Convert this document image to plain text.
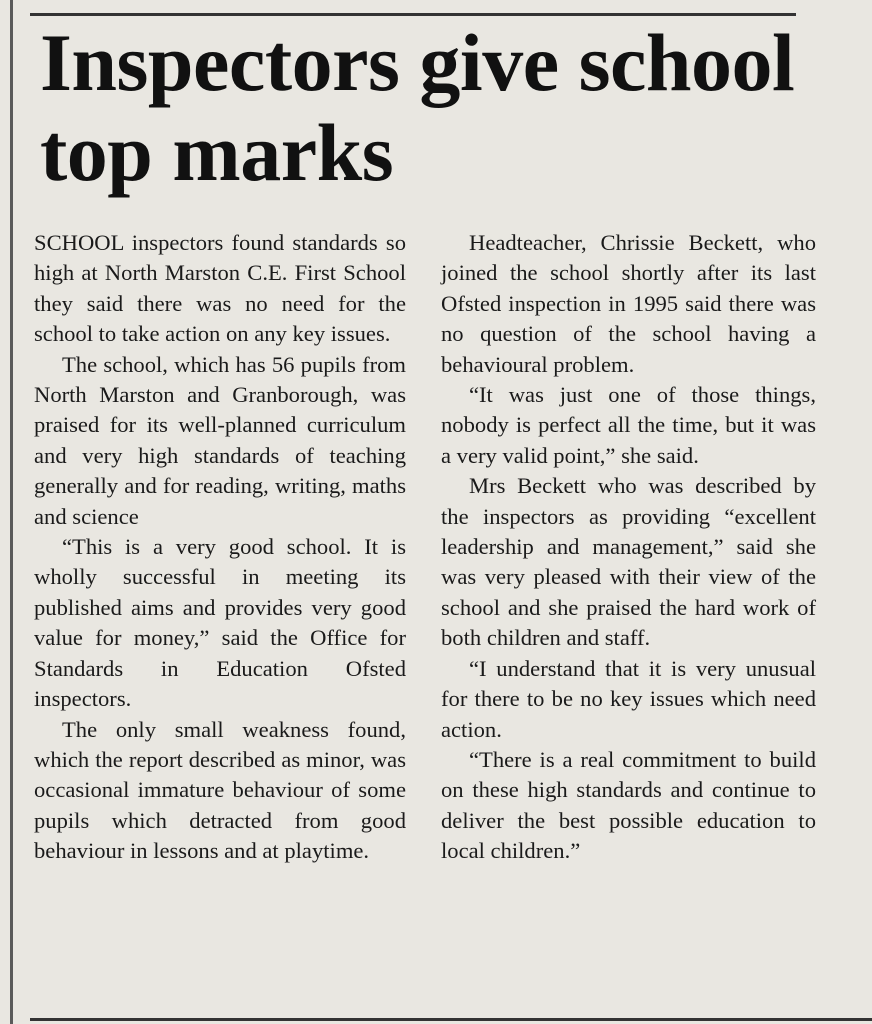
Inspectors give school top marks

SCHOOL inspectors found standards so high at North Marston C.E. First School they said there was no need for the school to take action on any key issues.

The school, which has 56 pupils from North Marston and Granborough, was praised for its well-planned curriculum and very high standards of teaching generally and for reading, writing, maths and science

“This is a very good school. It is wholly successful in meeting its published aims and provides very good value for money,” said the Office for Standards in Education Ofsted inspectors.

The only small weakness found, which the report described as minor, was occasional immature behaviour of some pupils which detracted from good behaviour in lessons and at playtime.

Headteacher, Chrissie Beckett, who joined the school shortly after its last Ofsted inspection in 1995 said there was no question of the school having a behavioural problem.

“It was just one of those things, nobody is perfect all the time, but it was a very valid point,” she said.

Mrs Beckett who was described by the inspectors as providing “excellent leadership and management,” said she was very pleased with their view of the school and she praised the hard work of both children and staff.

“I understand that it is very unusual for there to be no key issues which need action.

“There is a real commitment to build on these high standards and continue to deliver the best possible education to local children.”
